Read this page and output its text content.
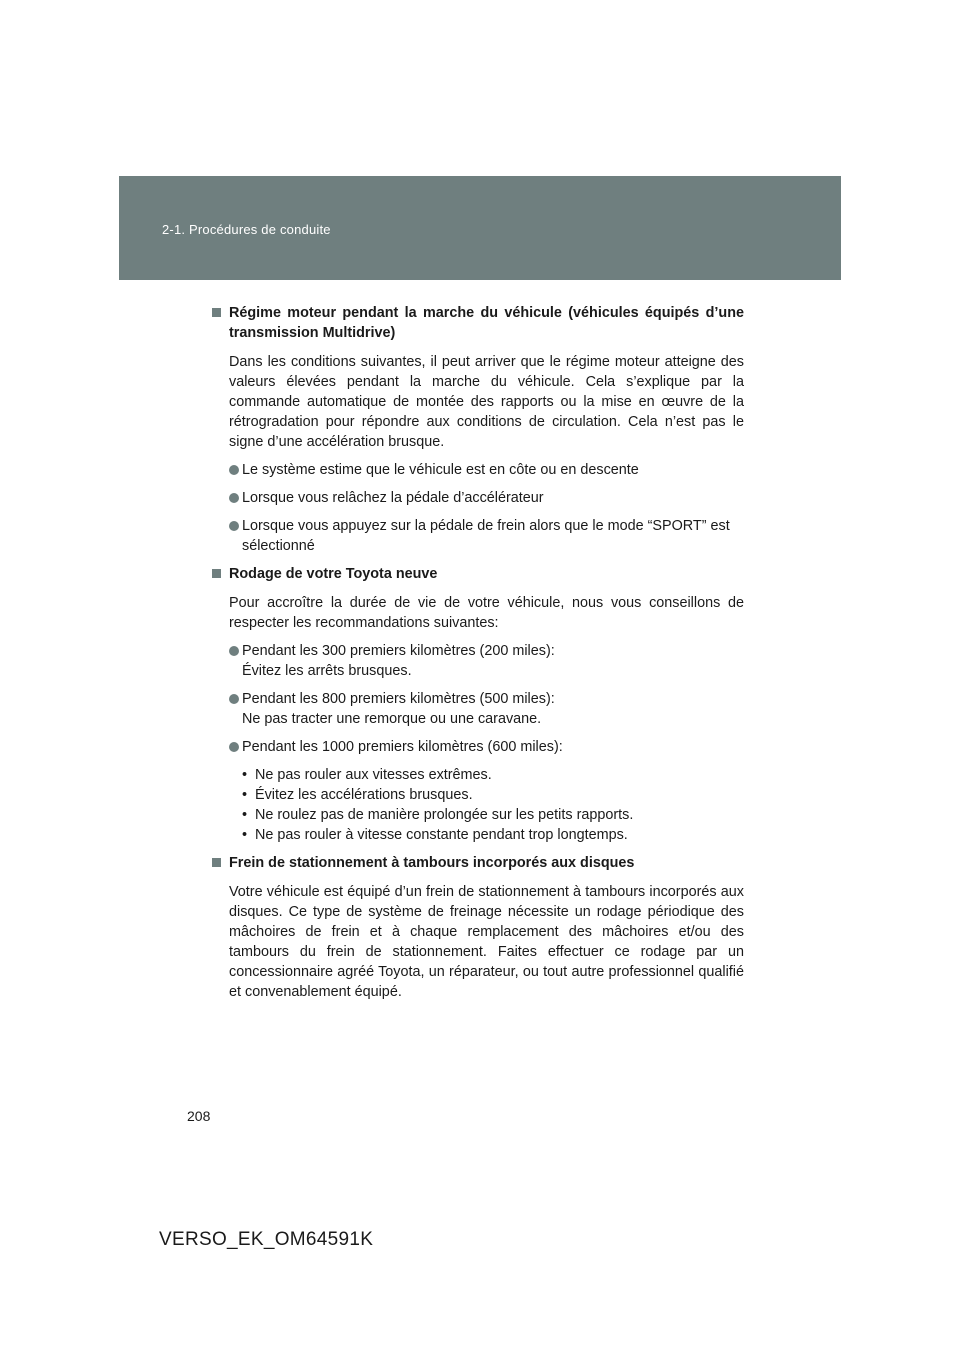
2-1. Procédures de conduite
Régime moteur pendant la marche du véhicule (véhicules équipés d’une transmission Multidrive)

Dans les conditions suivantes, il peut arriver que le régime moteur atteigne des valeurs élevées pendant la marche du véhicule. Cela s’explique par la commande automatique de montée des rapports ou la mise en œuvre de la rétrogradation pour répondre aux conditions de circulation. Cela n’est pas le signe d’une accélération brusque.

Le système estime que le véhicule est en côte ou en descente
Lorsque vous relâchez la pédale d’accélérateur
Lorsque vous appuyez sur la pédale de frein alors que le mode “SPORT” est sélectionné
Rodage de votre Toyota neuve

Pour accroître la durée de vie de votre véhicule, nous vous conseillons de respecter les recommandations suivantes:

Pendant les 300 premiers kilomètres (200 miles):
Évitez les arrêts brusques.
Pendant les 800 premiers kilomètres (500 miles):
Ne pas tracter une remorque ou une caravane.
Pendant les 1000 premiers kilomètres (600 miles):
• Ne pas rouler aux vitesses extrêmes.
• Évitez les accélérations brusques.
• Ne roulez pas de manière prolongée sur les petits rapports.
• Ne pas rouler à vitesse constante pendant trop longtemps.
Frein de stationnement à tambours incorporés aux disques

Votre véhicule est équipé d’un frein de stationnement à tambours incorporés aux disques. Ce type de système de freinage nécessite un rodage périodique des mâchoires de frein et à chaque remplacement des mâchoires et/ou des tambours du frein de stationnement. Faites effectuer ce rodage par un concessionnaire agréé Toyota, un réparateur, ou tout autre professionnel qualifié et convenablement équipé.

208
VERSO_EK_OM64591K
